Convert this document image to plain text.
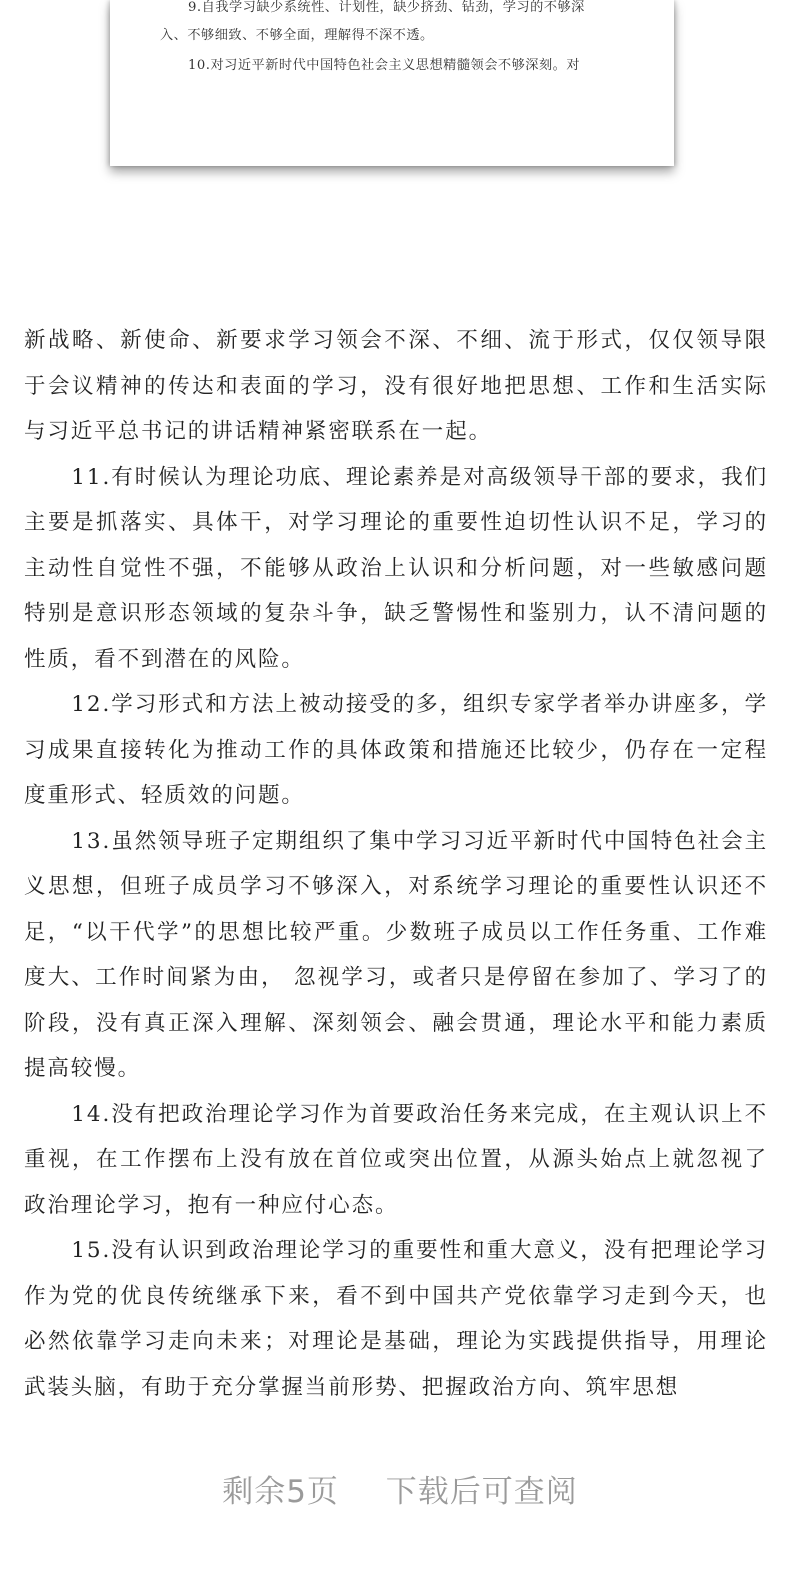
9.自我学习缺少系统性、计划性，缺少挤劲、钻劲，学习的不够深

入、不够细致、不够全面，理解得不深不透。

10.对习近平新时代中国特色社会主义思想精髓领会不够深刻。对

新战略、新使命、新要求学习领会不深、不细、流于形式，仅仅领导限于会议精神的传达和表面的学习，没有很好地把思想、工作和生活实际与习近平总书记的讲话精神紧密联系在一起。

11.有时候认为理论功底、理论素养是对高级领导干部的要求，我们主要是抓落实、具体干，对学习理论的重要性迫切性认识不足，学习的主动性自觉性不强，不能够从政治上认识和分析问题，对一些敏感问题特别是意识形态领域的复杂斗争，缺乏警惕性和鉴别力，认不清问题的性质，看不到潜在的风险。

12.学习形式和方法上被动接受的多，组织专家学者举办讲座多，学习成果直接转化为推动工作的具体政策和措施还比较少，仍存在一定程度重形式、轻质效的问题。

13.虽然领导班子定期组织了集中学习习近平新时代中国特色社会主义思想，但班子成员学习不够深入，对系统学习理论的重要性认识还不足，“以干代学”的思想比较严重。少数班子成员以工作任务重、工作难度大、工作时间紧为由， 忽视学习，或者只是停留在参加了、学习了的阶段，没有真正深入理解、深刻领会、融会贯通，理论水平和能力素质提高较慢。

14.没有把政治理论学习作为首要政治任务来完成，在主观认识上不重视，在工作摆布上没有放在首位或突出位置，从源头始点上就忽视了政治理论学习，抱有一种应付心态。

15.没有认识到政治理论学习的重要性和重大意义，没有把理论学习作为党的优良传统继承下来，看不到中国共产党依靠学习走到今天，也必然依靠学习走向未来；对理论是基础，理论为实践提供指导，用理论武装头脑，有助于充分掌握当前形势、把握政治方向、筑牢思想

剩余5页 下载后可查阅
